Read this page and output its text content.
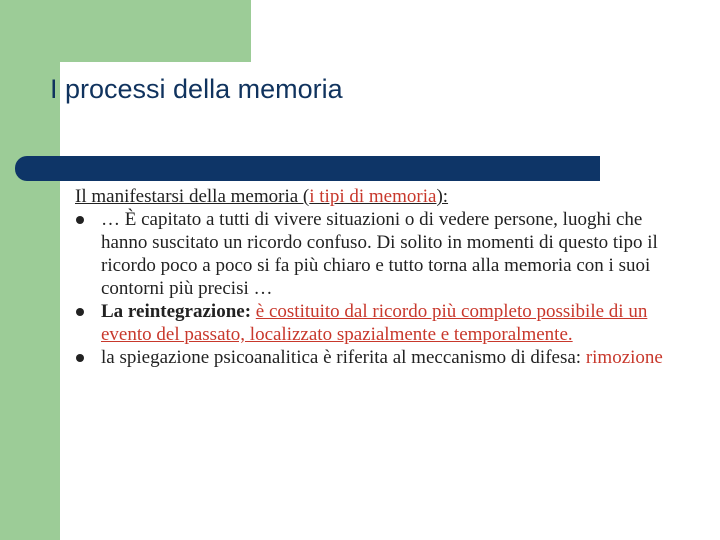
I processi della memoria
Il manifestarsi della memoria (i tipi di memoria):
… È capitato a tutti di vivere situazioni o di vedere persone, luoghi che hanno suscitato un ricordo confuso. Di solito in momenti di questo tipo il ricordo poco a poco si fa più chiaro e tutto torna alla memoria con i suoi contorni più precisi …
La reintegrazione: è costituito dal ricordo più completo possibile di un evento del passato, localizzato spazialmente e temporalmente.
la spiegazione psicoanalitica è riferita al meccanismo di difesa: rimozione
